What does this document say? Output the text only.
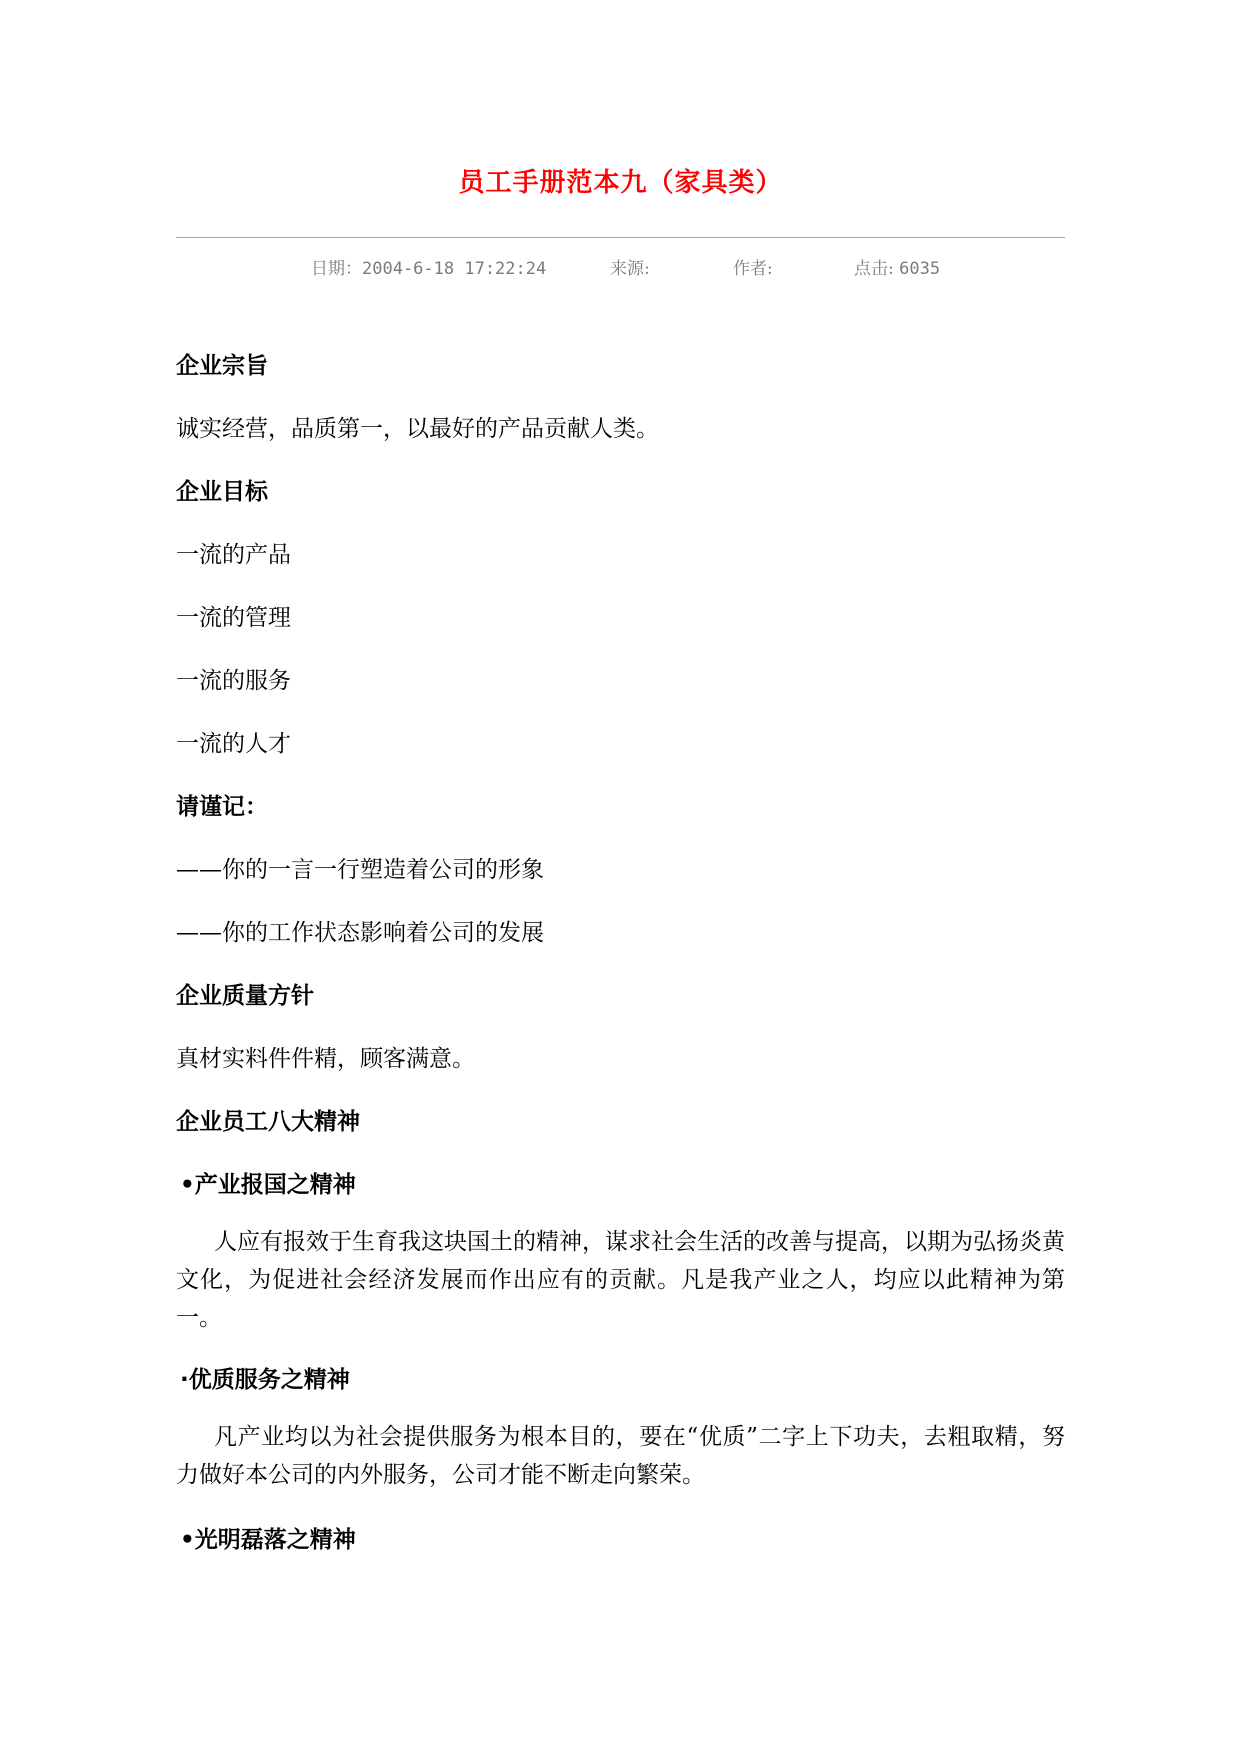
员工手册范本九（家具类）
日期：2004-6-18 17:22:24	来源:	作者:	点击: 6035
企业宗旨
诚实经营，品质第一，以最好的产品贡献人类。
企业目标
一流的产品
一流的管理
一流的服务
一流的人才
请谨记：
——你的一言一行塑造着公司的形象
——你的工作状态影响着公司的发展
企业质量方针
真材实料件件精，顾客满意。
企业员工八大精神
•产业报国之精神
人应有报效于生育我这块国土的精神，谋求社会生活的改善与提高，以期为弘扬炎黄文化，为促进社会经济发展而作出应有的贡献。凡是我产业之人，均应以此精神为第一。
·优质服务之精神
凡产业均以为社会提供服务为根本目的，要在“优质”二字上下功夫，去粗取精，努力做好本公司的内外服务，公司才能不断走向繁荣。
•光明磊落之精神
